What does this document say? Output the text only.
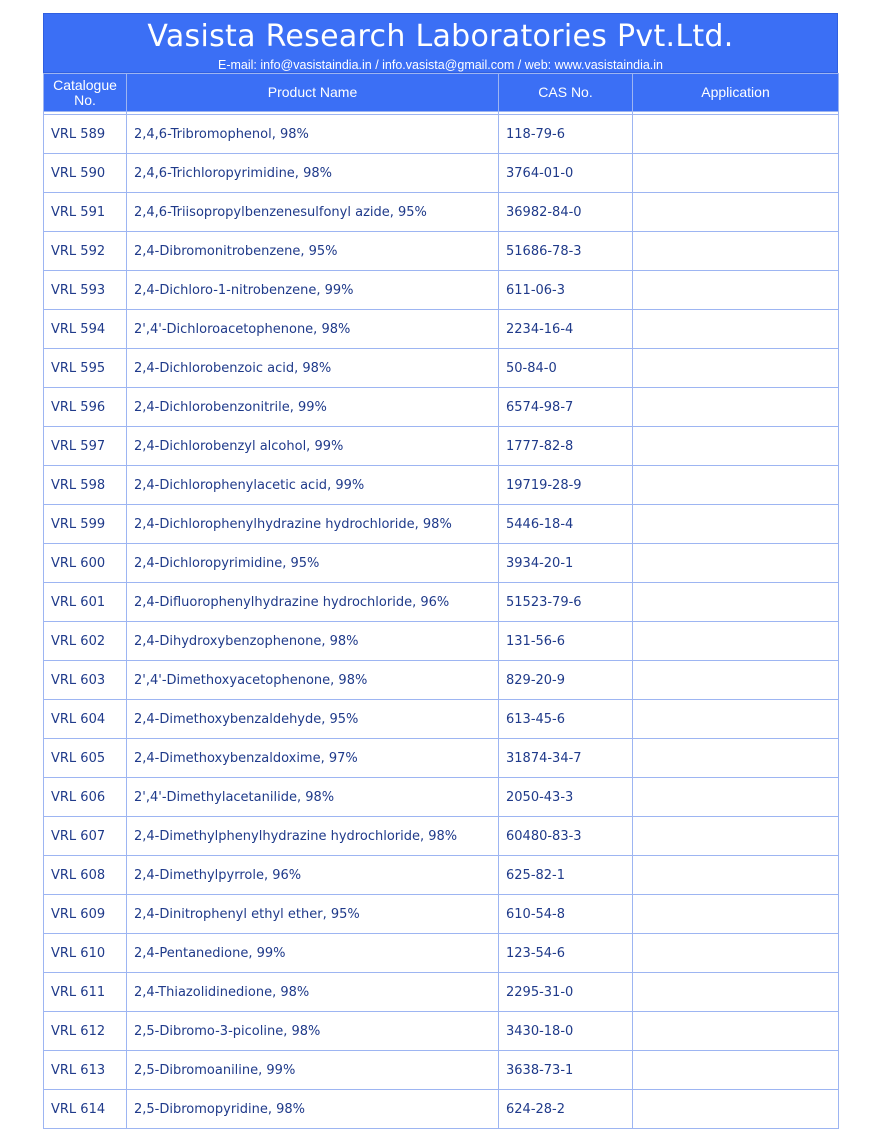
Vasista Research Laboratories Pvt.Ltd.
E-mail: info@vasistaindia.in / info.vasista@gmail.com / web: www.vasistaindia.in
Catalogue No.	Product Name	CAS No.	Application

VRL 589	2,4,6-Tribromophenol, 98%	118-79-6	
VRL 590	2,4,6-Trichloropyrimidine, 98%	3764-01-0	
VRL 591	2,4,6-Triisopropylbenzenesulfonyl azide, 95%	36982-84-0	
VRL 592	2,4-Dibromonitrobenzene, 95%	51686-78-3	
VRL 593	2,4-Dichloro-1-nitrobenzene, 99%	611-06-3	
VRL 594	2',4'-Dichloroacetophenone, 98%	2234-16-4	
VRL 595	2,4-Dichlorobenzoic acid, 98%	50-84-0	
VRL 596	2,4-Dichlorobenzonitrile, 99%	6574-98-7	
VRL 597	2,4-Dichlorobenzyl alcohol, 99%	1777-82-8	
VRL 598	2,4-Dichlorophenylacetic acid, 99%	19719-28-9	
VRL 599	2,4-Dichlorophenylhydrazine hydrochloride, 98%	5446-18-4	
VRL 600	2,4-Dichloropyrimidine, 95%	3934-20-1	
VRL 601	2,4-Difluorophenylhydrazine hydrochloride, 96%	51523-79-6	
VRL 602	2,4-Dihydroxybenzophenone, 98%	131-56-6	
VRL 603	2',4'-Dimethoxyacetophenone, 98%	829-20-9	
VRL 604	2,4-Dimethoxybenzaldehyde, 95%	613-45-6	
VRL 605	2,4-Dimethoxybenzaldoxime, 97%	31874-34-7	
VRL 606	2',4'-Dimethylacetanilide, 98%	2050-43-3	
VRL 607	2,4-Dimethylphenylhydrazine hydrochloride, 98%	60480-83-3	
VRL 608	2,4-Dimethylpyrrole, 96%	625-82-1	
VRL 609	2,4-Dinitrophenyl ethyl ether, 95%	610-54-8	
VRL 610	2,4-Pentanedione, 99%	123-54-6	
VRL 611	2,4-Thiazolidinedione, 98%	2295-31-0	
VRL 612	2,5-Dibromo-3-picoline, 98%	3430-18-0	
VRL 613	2,5-Dibromoaniline, 99%	3638-73-1	
VRL 614	2,5-Dibromopyridine, 98%	624-28-2	
